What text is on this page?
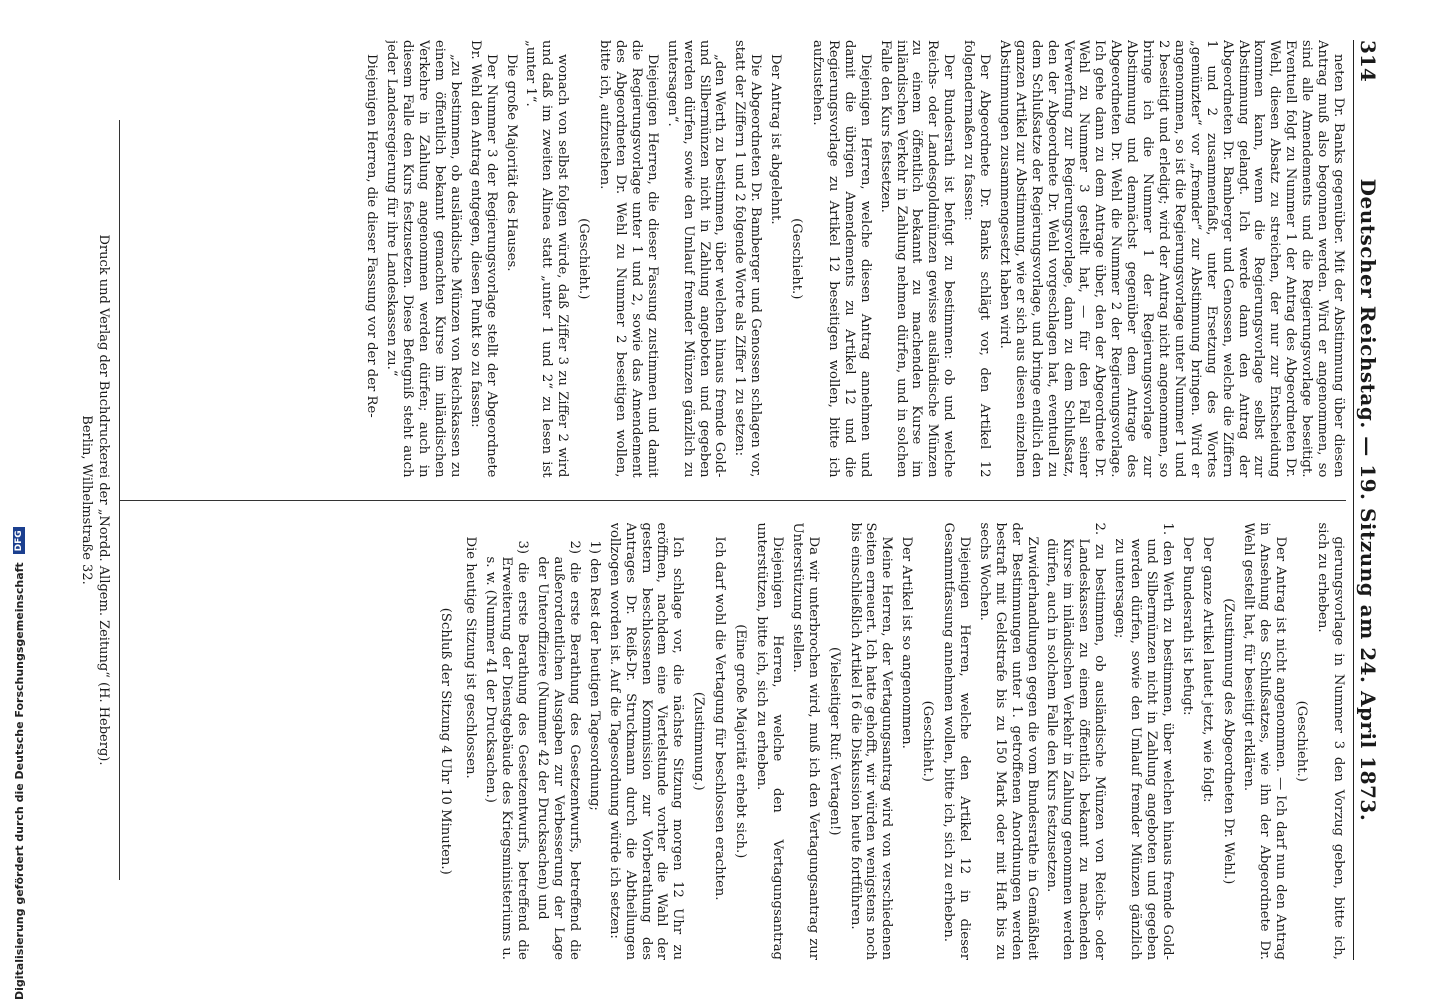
314
Deutscher Reichstag. — 19. Sitzung am 24. April 1873.

neten Dr. Banks gegenüber. Mit der Abstimmung über diesen Antrag muß also begonnen werden. Wird er angenommen, so sind alle Amendements und die Regierungsvorlage beseitigt. Eventuell folgt zu Nummer 1 der Antrag des Abgeordneten Dr. Wehl, diesen Absatz zu streichen, der nur zur Entscheidung kommen kann, wenn die Regierungsvorlage selbst zur Abstimmung gelangt. Ich werde dann den Antrag der Abgeordneten Dr. Bamberger und Genossen, welche die Ziffern 1 und 2 zusammenfaßt, unter Ersetzung des Wortes „gemünzter“ vor „fremder“ zur Abstimmung bringen. Wird er angenommen, so ist die Regierungsvorlage unter Nummer 1 und 2 beseitigt und erledigt; wird der Antrag nicht angenommen, so bringe ich die Nummer 1 der Regierungsvorlage zur Abstimmung und demnächst gegenüber dem Antrage des Abgeordneten Dr. Wehl die Nummer 2 der Regierungsvorlage. Ich gehe dann zu dem Antrage über, den der Abgeordnete Dr. Wehl zu Nummer 3 gestellt hat, — für den Fall seiner Verwerfung zur Regierungsvorlage, dann zu dem Schlußsatz, den der Abgeordnete Dr. Wehl vorgeschlagen hat, eventuell zu dem Schlußsatze der Regierungsvorlage, und bringe endlich den ganzen Artikel zur Abstimmung, wie er sich aus diesen einzelnen Abstimmungen zusammengesetzt haben wird.

Der Abgeordnete Dr. Banks schlägt vor, den Artikel 12 folgendermaßen zu fassen:

Der Bundesrath ist befugt zu bestimmen: ob und welche Reichs- oder Landesgoldmünzen gewisse ausländische Münzen zu einem öffentlich bekannt zu machenden Kurse im inländischen Verkehr in Zahlung nehmen dürfen, und in solchen Falle den Kurs festsetzen.

Diejenigen Herren, welche diesen Antrag annehmen und damit die übrigen Amendements zu Artikel 12 und die Regierungsvorlage zu Artikel 12 beseitigen wollen, bitte ich aufzustehen.

(Geschieht.)

Der Antrag ist abgelehnt.

Die Abgeordneten Dr. Bamberger und Genossen schlagen vor, statt der Ziffern 1 und 2 folgende Worte als Ziffer 1 zu setzen:

„den Werth zu bestimmen, über welchen hinaus fremde Gold- und Silbermünzen nicht in Zahlung angeboten und gegeben werden dürfen, sowie den Umlauf fremder Münzen gänzlich zu untersagen“.

Diejenigen Herren, die dieser Fassung zustimmen und damit die Regierungsvorlage unter 1 und 2, sowie das Amendement des Abgeordneten Dr. Wehl zu Nummer 2 beseitigen wollen, bitte ich, aufzustehen.

(Geschieht.)

wonach von selbst folgen würde, daß Ziffer 3 zu Ziffer 2 wird und daß im zweiten Alinea statt „unter 1 und 2“ zu lesen ist „unter 1“.

Die große Majorität des Hauses.

Der Nummer 3 der Regierungsvorlage stellt der Abgeordnete Dr. Wehl den Antrag entgegen, diesen Punkt so zu fassen:

„zu bestimmen, ob ausländische Münzen von Reichskassen zu einem öffentlich bekannt gemachten Kurse im inländischen Verkehre in Zahlung angenommen werden dürfen; auch in diesem Falle den Kurs festzusetzen. Diese Befugniß steht auch jeder Landesregierung für ihre Landeskassen zu.“

Diejenigen Herren, die dieser Fassung vor der der Re-

gierungsvorlage in Nummer 3 den Vorzug geben, bitte ich, sich zu erheben.

(Geschieht.)

Der Antrag ist nicht angenommen. — Ich darf nun den Antrag in Ansehung des Schlußsatzes, wie ihn der Abgeordnete Dr. Wehl gestellt hat, für beseitigt erklären.

(Zustimmung des Abgeordneten Dr. Wehl.)

Der ganze Artikel lautet jetzt, wie folgt:

Der Bundesrath ist befugt:

1. den Werth zu bestimmen, über welchen hinaus fremde Gold- und Silbermünzen nicht in Zahlung angeboten und gegeben werden dürfen, sowie den Umlauf fremder Münzen gänzlich zu untersagen;

2. zu bestimmen, ob ausländische Münzen von Reichs- oder Landeskassen zu einem öffentlich bekannt zu machenden Kurse im inländischen Verkehr in Zahlung genommen werden dürfen, auch in solchem Falle den Kurs festzusetzen.

Zuwiderhandlungen gegen die vom Bundesrathe in Gemäßheit der Bestimmungen unter 1. getroffenen Anordnungen werden bestraft mit Geldstrafe bis zu 150 Mark oder mit Haft bis zu sechs Wochen.

Diejenigen Herren, welche den Artikel 12 in dieser Gesammtfassung annehmen wollen, bitte ich, sich zu erheben.

(Geschieht.)

Der Artikel ist so angenommen.

Meine Herren, der Vertagungsantrag wird von verschiedenen Seiten erneuert. Ich hatte gehofft, wir würden wenigstens noch bis einschließlich Artikel 16 die Diskussion heute fortführen.

(Vielseitiger Ruf: Vertagen!)

Da wir unterbrochen wird, muß ich den Vertagungsantrag zur Unterstützung stellen.

Diejenigen Herren, welche den Vertagungsantrag unterstützen, bitte ich, sich zu erheben.

(Eine große Majorität erhebt sich.)

Ich darf wohl die Vertagung für beschlossen erachten.

(Zustimmung.)

Ich schlage vor, die nächste Sitzung morgen 12 Uhr zu eröffnen, nachdem eine Viertelstunde vorher die Wahl der gestern beschlossenen Kommission zur Vorberathung des Antrages Dr. Reiß-Dr. Struckmann durch die Abtheilungen vollzogen worden ist. Auf die Tagesordnung würde ich setzen:

1) den Rest der heutigen Tagesordnung;

2) die erste Berathung des Gesetzentwurfs, betreffend die außerordentlichen Ausgaben zur Verbesserung der Lage der Unteroffiziere (Nummer 42 der Drucksachen) und

3) die erste Berathung des Gesetzentwurfs, betreffend die Erweiterung der Dienstgebäude des Kriegsministeriums u. s. w. (Nummer 41 der Drucksachen.)

Die heutige Sitzung ist geschlossen.

(Schluß der Sitzung 4 Uhr 10 Minuten.)

Druck und Verlag der Buchdruckerei der „Nordd. Allgem. Zeitung“ (H. Heberg).
Berlin, Wilhelmstraße 32.
Digitalisierung gefördert durch die Deutsche Forschungsgemeinschaft
DFG
